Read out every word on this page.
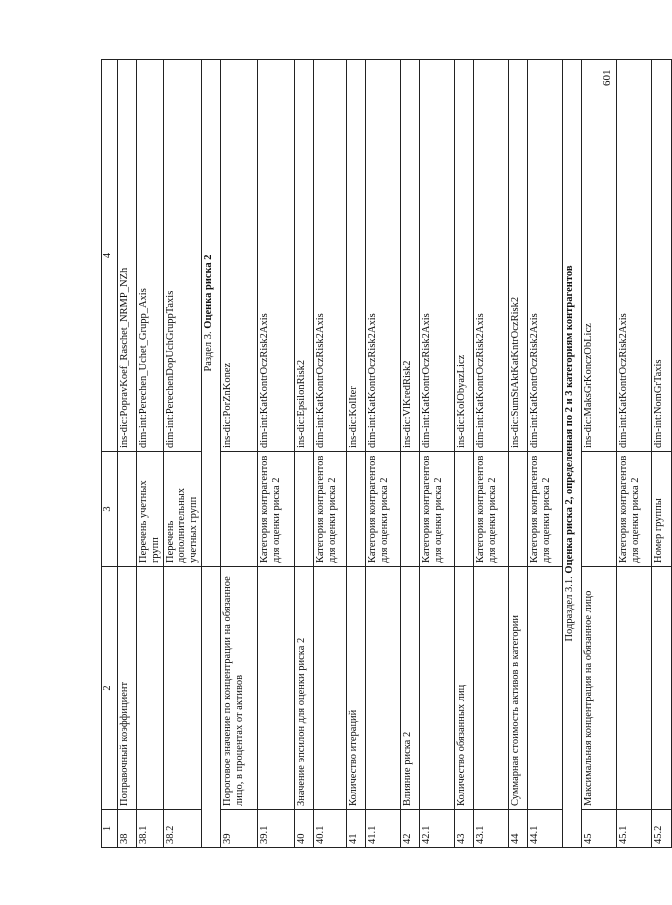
601
1	2	3	4
38	Поправочный коэффициент		ins-dic:PopravKoef_Raschet_NRMP_NZh
38.1		Перечень учетных групп	dim-int:Perechen_Uchet_Grupp_Axis
38.2		Перечень дополнительных учетных групп	dim-int:PerechenDopUchGruppTaxis
		Раздел 3. Оценка риска 2	
39	Пороговое значение по концентрации на обязанное лицо, в процентах от активов		ins-dic:PorZnKonez
39.1		Категория контрагентов для оценки риска 2	dim-int:KatKontrOczRisk2Axis
40	Значение эпсилон для оценки риска 2		ins-dic:EpsilonRisk2
40.1		Категория контрагентов для оценки риска 2	dim-int:KatKontrOczRisk2Axis
41	Количество итераций		ins-dic:KolIter
41.1		Категория контрагентов для оценки риска 2	dim-int:KatKontrOczRisk2Axis
42	Влияние риска 2		ins-dic:VlKredRisk2
42.1		Категория контрагентов для оценки риска 2	dim-int:KatKontrOczRisk2Axis
43	Количество обязанных лиц		ins-dic:KolObyazLicz
43.1		Категория контрагентов для оценки риска 2	dim-int:KatKontrOczRisk2Axis
44	Суммарная стоимость активов в категории		ins-dic:SumStAktKatKntrOczRisk2
44.1		Категория контрагентов для оценки риска 2	dim-int:KatKontrOczRisk2Axis
Подраздел 3.1. Оценка риска 2, определенная по 2 и 3 категориям контрагентов			
45	Максимальная концентрация на обязанное лицо		ins-dic:MaksGrKonczObLicz
45.1		Категория контрагентов для оценки риска 2	dim-int:KatKontrOczRisk2Axis
45.2		Номер группы	dim-int:NomGrTaxis
